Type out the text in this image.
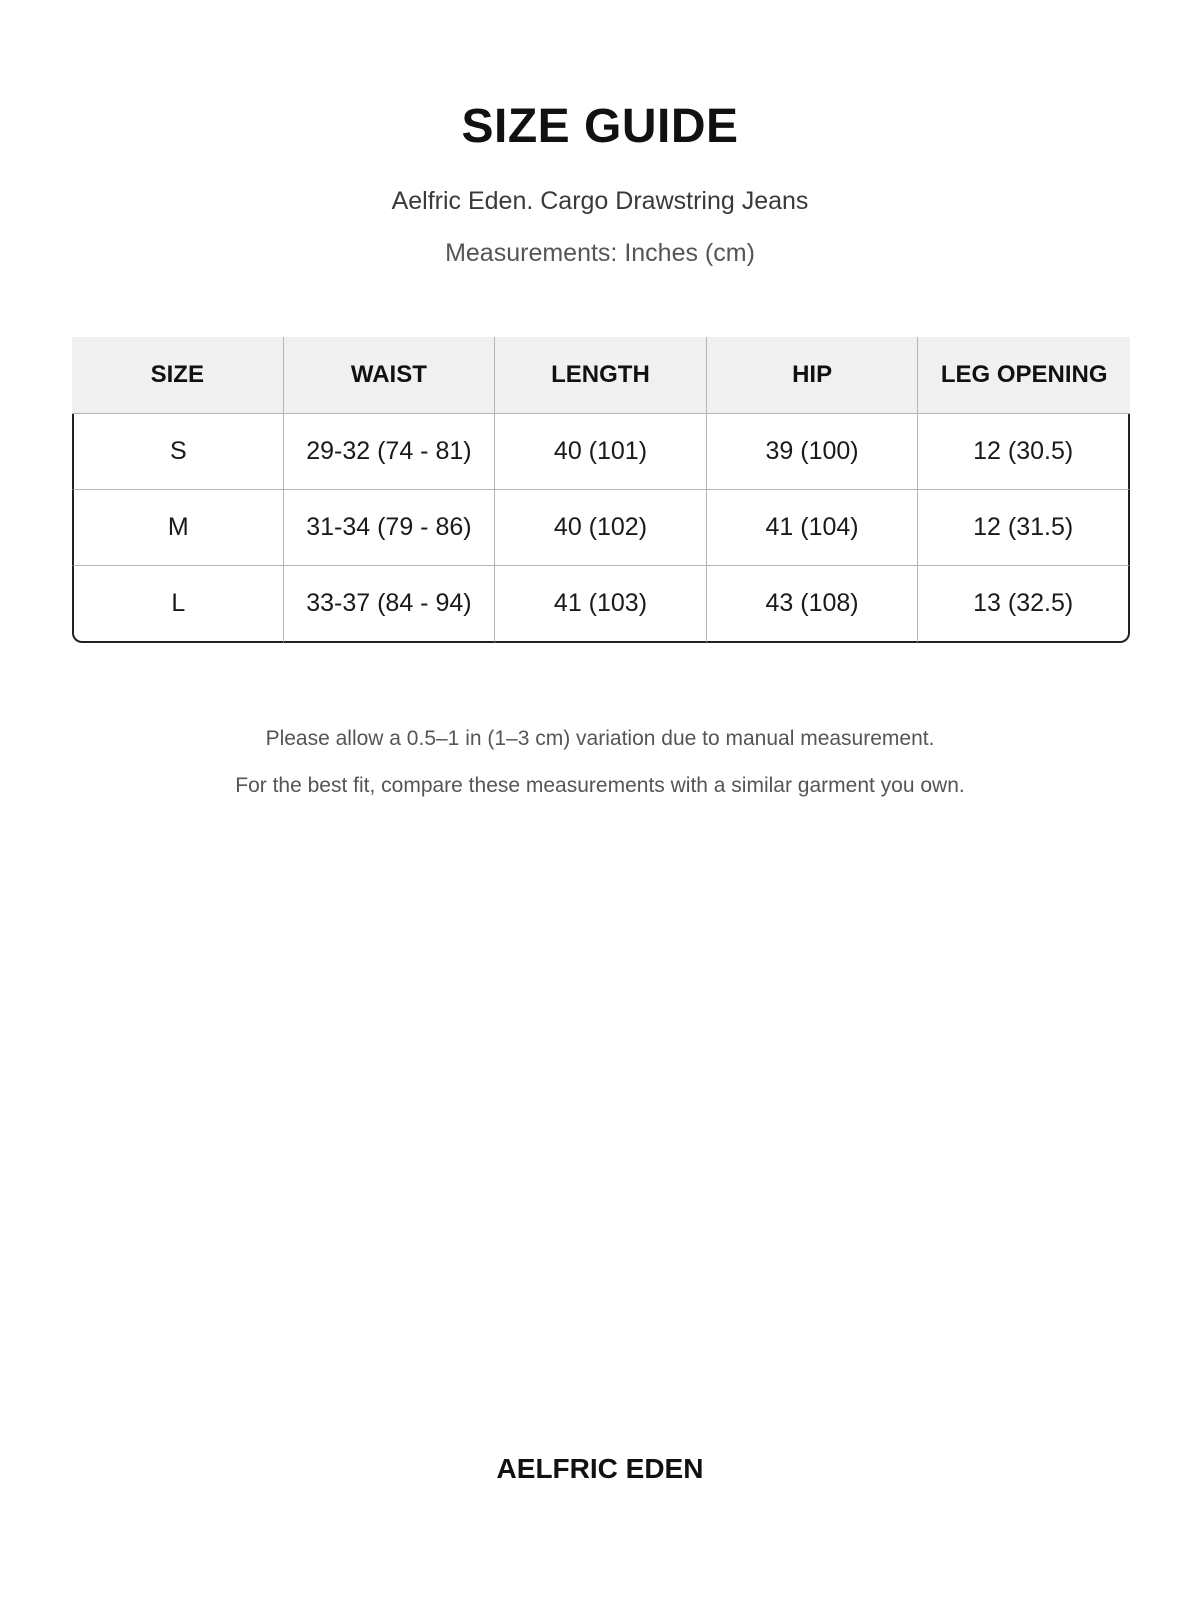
SIZE GUIDE
Aelfric Eden. Cargo Drawstring Jeans
Measurements: Inches (cm)
SIZE	WAIST	LENGTH	HIP	LEG OPENING
S	29-32 (74 - 81)	40 (101)	39 (100)	12 (30.5)
M	31-34 (79 - 86)	40 (102)	41 (104)	12 (31.5)
L	33-37 (84 - 94)	41 (103)	43 (108)	13 (32.5)
Please allow a 0.5–1 in (1–3 cm) variation due to manual measurement.
For the best fit, compare these measurements with a similar garment you own.
AELFRIC EDEN
